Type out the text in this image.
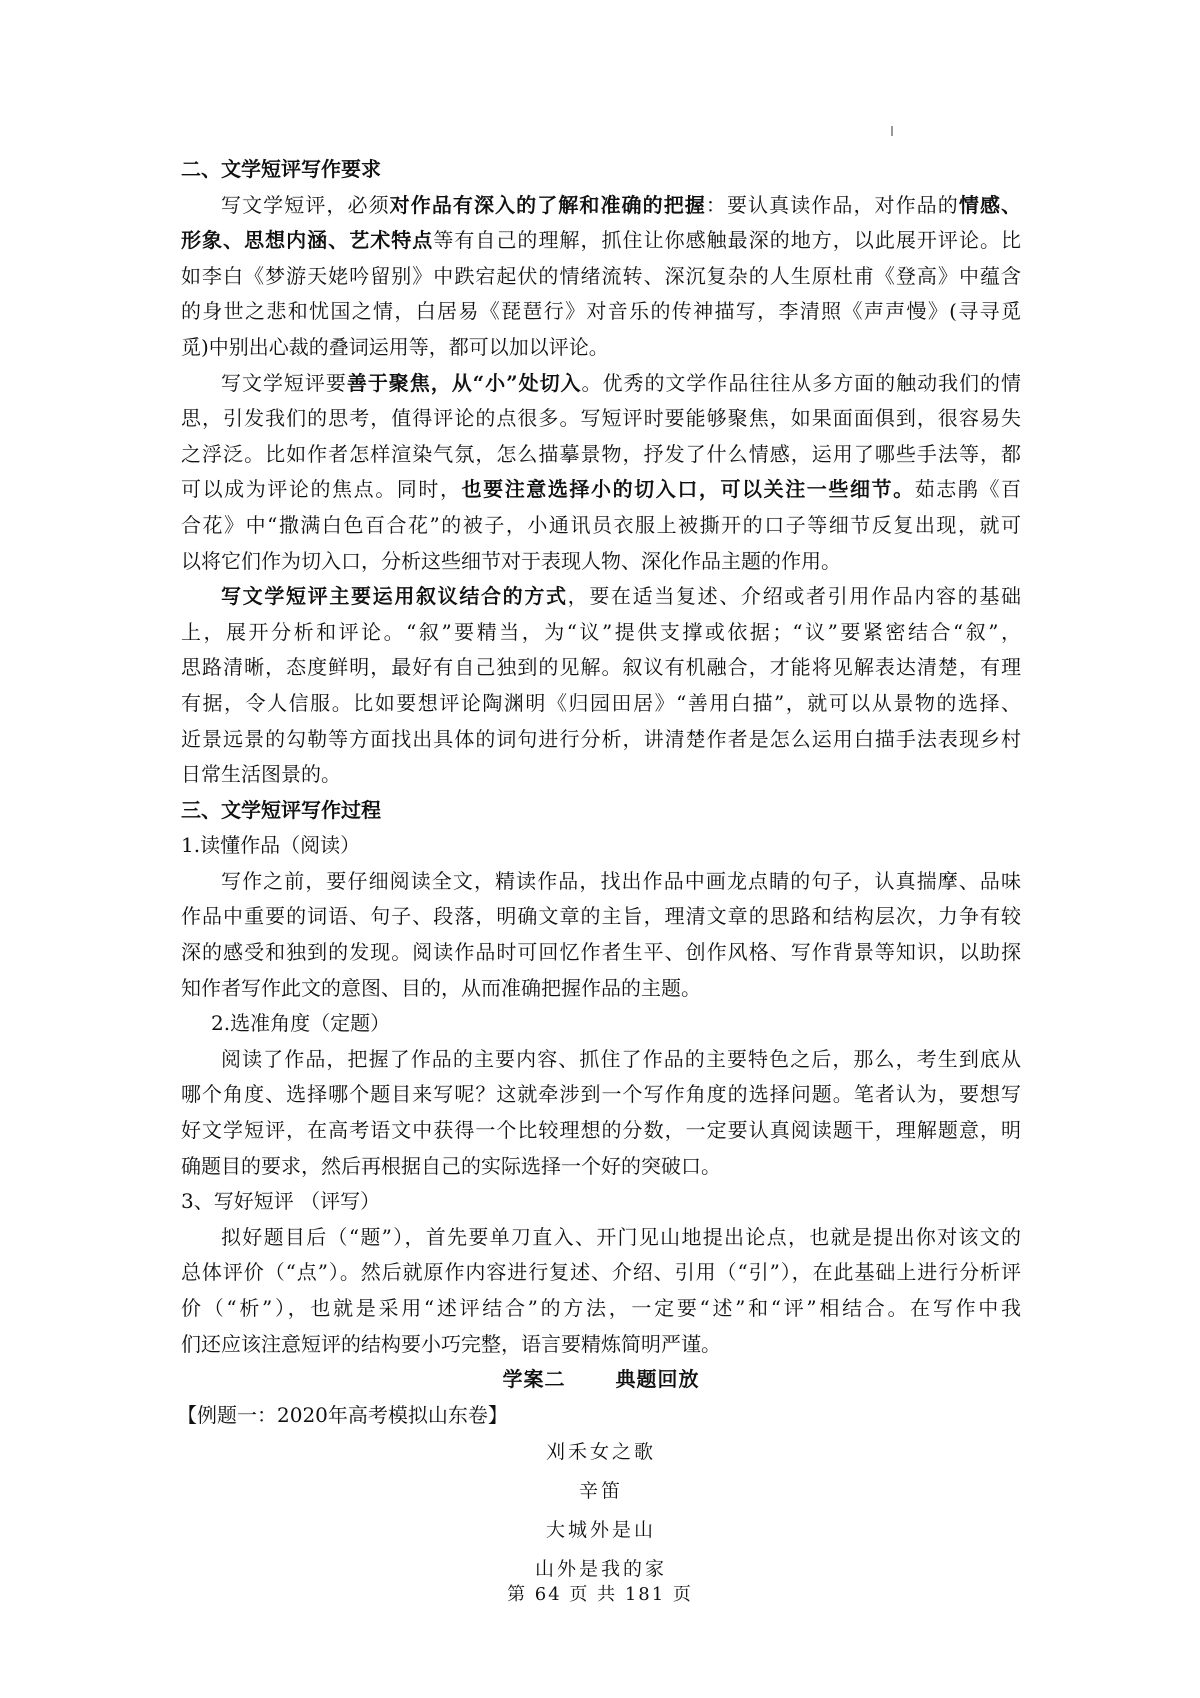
二、文学短评写作要求
写文学短评，必须对作品有深入的了解和准确的把握：要认真读作品，对作品的情感、
形象、思想内涵、艺术特点等有自己的理解，抓住让你感触最深的地方，以此展开评论。比
如李白《梦游天姥吟留别》中跌宕起伏的情绪流转、深沉复杂的人生原杜甫《登高》中蕴含
的身世之悲和忧国之情，白居易《琵琶行》对音乐的传神描写，李清照《声声慢》(寻寻觅
觅)中别出心裁的叠词运用等，都可以加以评论。
写文学短评要善于聚焦，从“小”处切入。优秀的文学作品往往从多方面的触动我们的情
思，引发我们的思考，值得评论的点很多。写短评时要能够聚焦，如果面面俱到，很容易失
之浮泛。比如作者怎样渲染气氛，怎么描摹景物，抒发了什么情感，运用了哪些手法等，都
可以成为评论的焦点。同时，也要注意选择小的切入口，可以关注一些细节。茹志鹃《百
合花》中“撒满白色百合花”的被子，小通讯员衣服上被撕开的口子等细节反复出现，就可
以将它们作为切入口，分析这些细节对于表现人物、深化作品主题的作用。
写文学短评主要运用叙议结合的方式，要在适当复述、介绍或者引用作品内容的基础
上，展开分析和评论。“叙”要精当，为“议”提供支撑或依据；“议”要紧密结合“叙”，
思路清晰，态度鲜明，最好有自己独到的见解。叙议有机融合，才能将见解表达清楚，有理
有据，令人信服。比如要想评论陶渊明《归园田居》“善用白描”，就可以从景物的选择、
近景远景的勾勒等方面找出具体的词句进行分析，讲清楚作者是怎么运用白描手法表现乡村
日常生活图景的。
三、文学短评写作过程
1.读懂作品（阅读）
写作之前，要仔细阅读全文，精读作品，找出作品中画龙点睛的句子，认真揣摩、品味
作品中重要的词语、句子、段落，明确文章的主旨，理清文章的思路和结构层次，力争有较
深的感受和独到的发现。阅读作品时可回忆作者生平、创作风格、写作背景等知识，以助探
知作者写作此文的意图、目的，从而准确把握作品的主题。
2.选准角度（定题）
阅读了作品，把握了作品的主要内容、抓住了作品的主要特色之后，那么，考生到底从
哪个角度、选择哪个题目来写呢？这就牵涉到一个写作角度的选择问题。笔者认为，要想写
好文学短评，在高考语文中获得一个比较理想的分数，一定要认真阅读题干，理解题意，明
确题目的要求，然后再根据自己的实际选择一个好的突破口。
3、写好短评 （评写）
拟好题目后（“题”），首先要单刀直入、开门见山地提出论点，也就是提出你对该文的
总体评价（“点”）。然后就原作内容进行复述、介绍、引用（“引”），在此基础上进行分析评
价（“析”），也就是采用“述评结合”的方法，一定要“述”和“评”相结合。在写作中我
们还应该注意短评的结构要小巧完整，语言要精炼简明严谨。
学案二	典题回放
【例题一：2020年高考模拟山东卷】
刈禾女之歌
辛笛
大城外是山
山外是我的家
第 64 页 共 181 页
